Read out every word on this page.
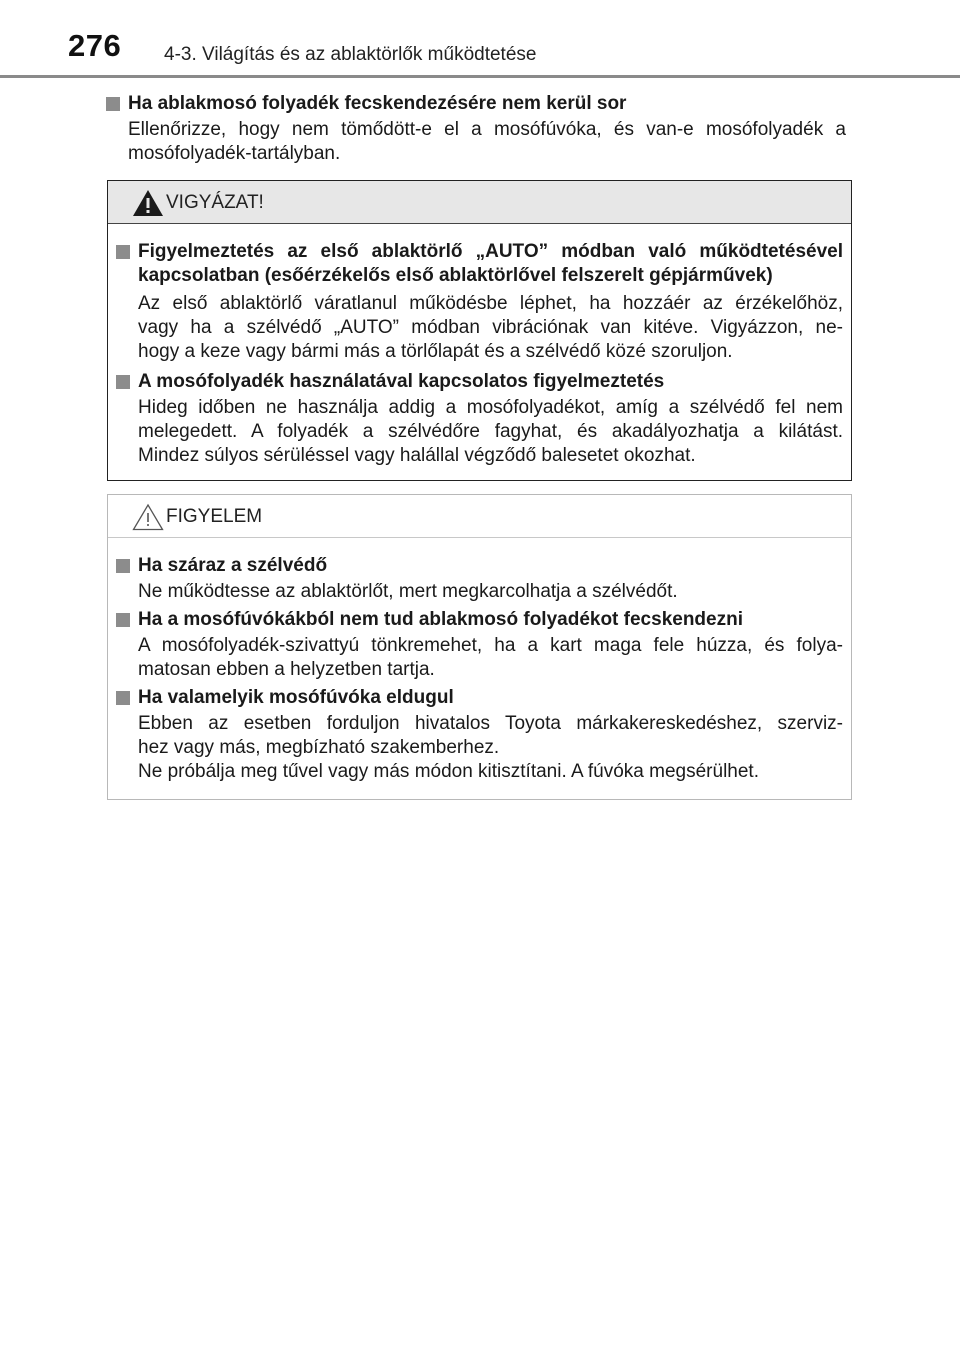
276 4-3. Világítás és az ablaktörlők működtetése
Ha ablakmosó folyadék fecskendezésére nem kerül sor
Ellenőrizze, hogy nem tömődött-e el a mosófúvóka, és van-e mosófolyadék a
mosófolyadék-tartályban.
VIGYÁZAT!
Figyelmeztetés az első ablaktörlő „AUTO” módban való működtetésével
kapcsolatban (esőérzékelős első ablaktörlővel felszerelt gépjárművek)
Az első ablaktörlő váratlanul működésbe léphet, ha hozzáér az érzékelőhöz,
vagy ha a szélvédő „AUTO” módban vibrációnak van kitéve. Vigyázzon, ne-
hogy a keze vagy bármi más a törlőlapát és a szélvédő közé szoruljon.
A mosófolyadék használatával kapcsolatos figyelmeztetés
Hideg időben ne használja addig a mosófolyadékot, amíg a szélvédő fel nem
melegedett. A folyadék a szélvédőre fagyhat, és akadályozhatja a kilátást.
Mindez súlyos sérüléssel vagy halállal végződő balesetet okozhat.
FIGYELEM
Ha száraz a szélvédő
Ne működtesse az ablaktörlőt, mert megkarcolhatja a szélvédőt.
Ha a mosófúvókákból nem tud ablakmosó folyadékot fecskendezni
A mosófolyadék-szivattyú tönkremehet, ha a kart maga fele húzza, és folya-
matosan ebben a helyzetben tartja.
Ha valamelyik mosófúvóka eldugul
Ebben az esetben forduljon hivatalos Toyota márkakereskedéshez, szerviz-
hez vagy más, megbízható szakemberhez.
Ne próbálja meg tűvel vagy más módon kitisztítani. A fúvóka megsérülhet.
